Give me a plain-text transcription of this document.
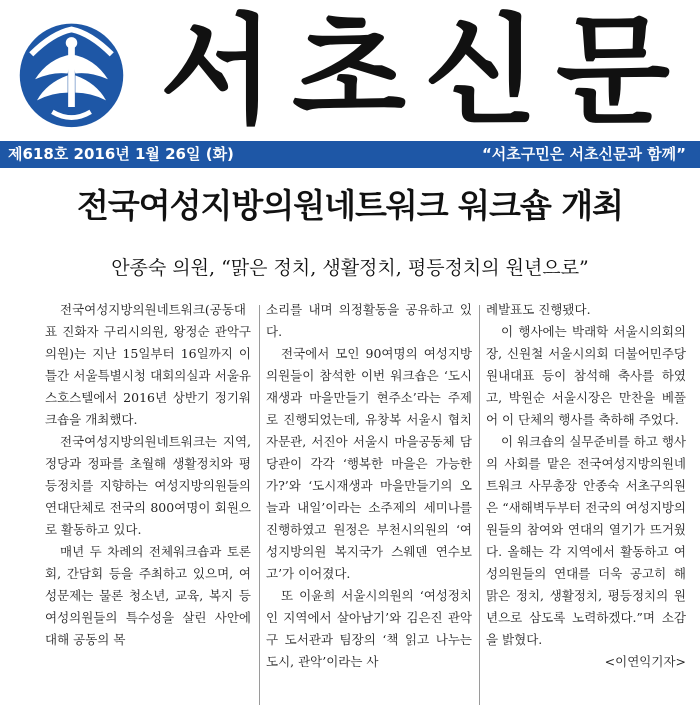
서초신문
제618호 2016년 1월 26일 (화)	“서초구민은 서초신문과 함께”
전국여성지방의원네트워크 워크숍 개최
안종숙 의원, “맑은 정치, 생활정치, 평등정치의 원년으로”

전국여성지방의원네트워크(공동대표 진화자 구리시의원, 왕정순 관악구의원)는 지난 15일부터 16일까지 이틀간 서울특별시청 대회의실과 서울유스호스텔에서 2016년 상반기 정기워크숍을 개최했다.

전국여성지방의원네트워크는 지역, 정당과 정파를 초월해 생활정치와 평등정치를 지향하는 여성지방의원들의 연대단체로 전국의 800여명이 회원으로 활동하고 있다.

매년 두 차례의 전체워크숍과 토론회, 간담회 등을 주최하고 있으며, 여성문제는 물론 청소년, 교육, 복지 등 여성의원들의 특수성을 살린 사안에 대해 공동의 목

소리를 내며 의정활동을 공유하고 있다.

전국에서 모인 90여명의 여성지방의원들이 참석한 이번 워크숍은 ‘도시재생과 마을만들기 현주소’라는 주제로 진행되었는데, 유창복 서울시 협치자문관, 서진아 서울시 마을공동체 담당관이 각각 ‘행복한 마을은 가능한가?’와 ‘도시재생과 마을만들기의 오늘과 내일’이라는 소주제의 세미나를 진행하였고 원정은 부천시의원의 ‘여성지방의원 복지국가 스웨덴 연수보고’가 이어졌다.

또 이윤희 서울시의원의 ‘여성정치인 지역에서 살아남기’와 김은진 관악구 도서관과 팀장의 ‘책 읽고 나누는 도시, 관악’이라는 사

례발표도 진행됐다.

이 행사에는 박래학 서울시의회의장, 신원철 서울시의회 더불어민주당 원내대표 등이 참석해 축사를 하였고, 박원순 서울시장은 만찬을 베풀어 이 단체의 행사를 축하해 주었다.

이 워크숍의 실무준비를 하고 행사의 사회를 맡은 전국여성지방의원네트워크 사무총장 안종숙 서초구의원은 “새해벽두부터 전국의 여성지방의원들의 참여와 연대의 열기가 뜨거웠다. 올해는 각 지역에서 활동하고 여성의원들의 연대를 더욱 공고히 해 맑은 정치, 생활정치, 평등정치의 원년으로 삼도록 노력하겠다.”며 소감을 밝혔다.

<이연익기자>
